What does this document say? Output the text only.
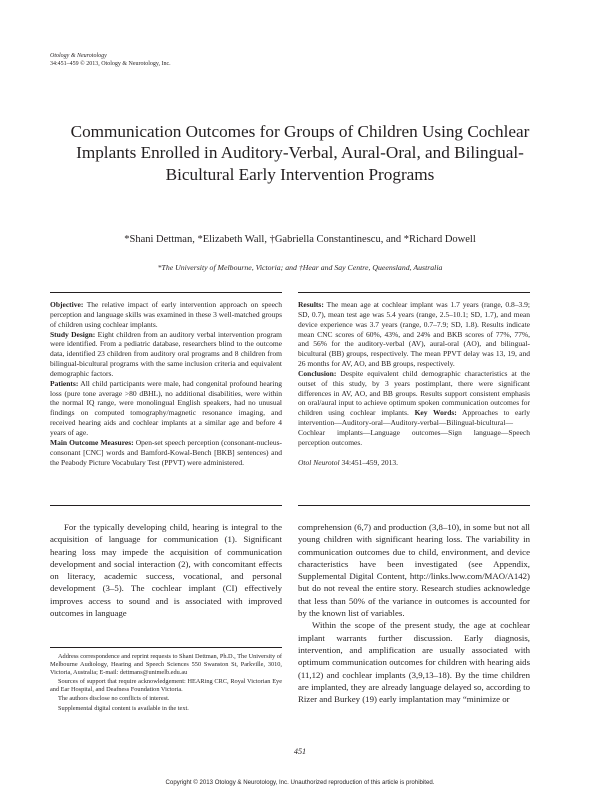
Otology & Neurotology
34:451–459 © 2013, Otology & Neurotology, Inc.
Communication Outcomes for Groups of Children Using Cochlear Implants Enrolled in Auditory-Verbal, Aural-Oral, and Bilingual-Bicultural Early Intervention Programs
*Shani Dettman, *Elizabeth Wall, †Gabriella Constantinescu, and *Richard Dowell
*The University of Melbourne, Victoria; and †Hear and Say Centre, Queensland, Australia

Objective: The relative impact of early intervention approach on speech perception and language skills was examined in these 3 well-matched groups of children using cochlear implants.

Study Design: Eight children from an auditory verbal intervention program were identified. From a pediatric database, researchers blind to the outcome data, identified 23 children from auditory oral programs and 8 children from bilingual-bicultural programs with the same inclusion criteria and equivalent demographic factors.

Patients: All child participants were male, had congenital profound hearing loss (pure tone average >80 dBHL), no additional disabilities, were within the normal IQ range, were monolingual English speakers, had no unusual findings on computed tomography/magnetic resonance imaging, and received hearing aids and cochlear implants at a similar age and before 4 years of age.

Main Outcome Measures: Open-set speech perception (consonant-nucleus-consonant [CNC] words and Bamford-Kowal-Bench [BKB] sentences) and the Peabody Picture Vocabulary Test (PPVT) were administered.

Results: The mean age at cochlear implant was 1.7 years (range, 0.8–3.9; SD, 0.7), mean test age was 5.4 years (range, 2.5–10.1; SD, 1.7), and mean device experience was 3.7 years (range, 0.7–7.9; SD, 1.8). Results indicate mean CNC scores of 60%, 43%, and 24% and BKB scores of 77%, 77%, and 56% for the auditory-verbal (AV), aural-oral (AO), and bilingual-bicultural (BB) groups, respectively. The mean PPVT delay was 13, 19, and 26 months for AV, AO, and BB groups, respectively.

Conclusion: Despite equivalent child demographic characteristics at the outset of this study, by 3 years postimplant, there were significant differences in AV, AO, and BB groups. Results support consistent emphasis on oral/aural input to achieve optimum spoken communication outcomes for children using cochlear implants. Key Words: Approaches to early intervention—Auditory-oral—Auditory-verbal—Bilingual-bicultural—Cochlear implants—Language outcomes—Sign language—Speech perception outcomes.

Otol Neurotol 34:451–459, 2013.

For the typically developing child, hearing is integral to the acquisition of language for communication (1). Significant hearing loss may impede the acquisition of communication development and social interaction (2), with concomitant effects on literacy, academic success, vocational, and personal development (3–5). The cochlear implant (CI) effectively improves access to sound and is associated with improved outcomes in language

comprehension (6,7) and production (3,8–10), in some but not all young children with significant hearing loss. The variability in communication outcomes due to child, environment, and device characteristics have been investigated (see Appendix, Supplemental Digital Content, http://links.lww.com/MAO/A142) but do not reveal the entire story. Research studies acknowledge that less than 50% of the variance in outcomes is accounted for by the known list of variables.

Within the scope of the present study, the age at cochlear implant warrants further discussion. Early diagnosis, intervention, and amplification are usually associated with optimum communication outcomes for children with hearing aids (11,12) and cochlear implants (3,9,13–18). By the time children are implanted, they are already language delayed so, according to Rizer and Burkey (19) early implantation may “minimize or

Address correspondence and reprint requests to Shani Dettman, Ph.D., The University of Melbourne Audiology, Hearing and Speech Sciences 550 Swanston St, Parkville, 3010, Victoria, Australia; E-mail: dettmans@unimelb.edu.au

Sources of support that require acknowledgement: HEARing CRC, Royal Victorian Eye and Ear Hospital, and Deafness Foundation Victoria.

The authors disclose no conflicts of interest.

Supplemental digital content is available in the text.

451
Copyright © 2013 Otology & Neurotology, Inc. Unauthorized reproduction of this article is prohibited.
